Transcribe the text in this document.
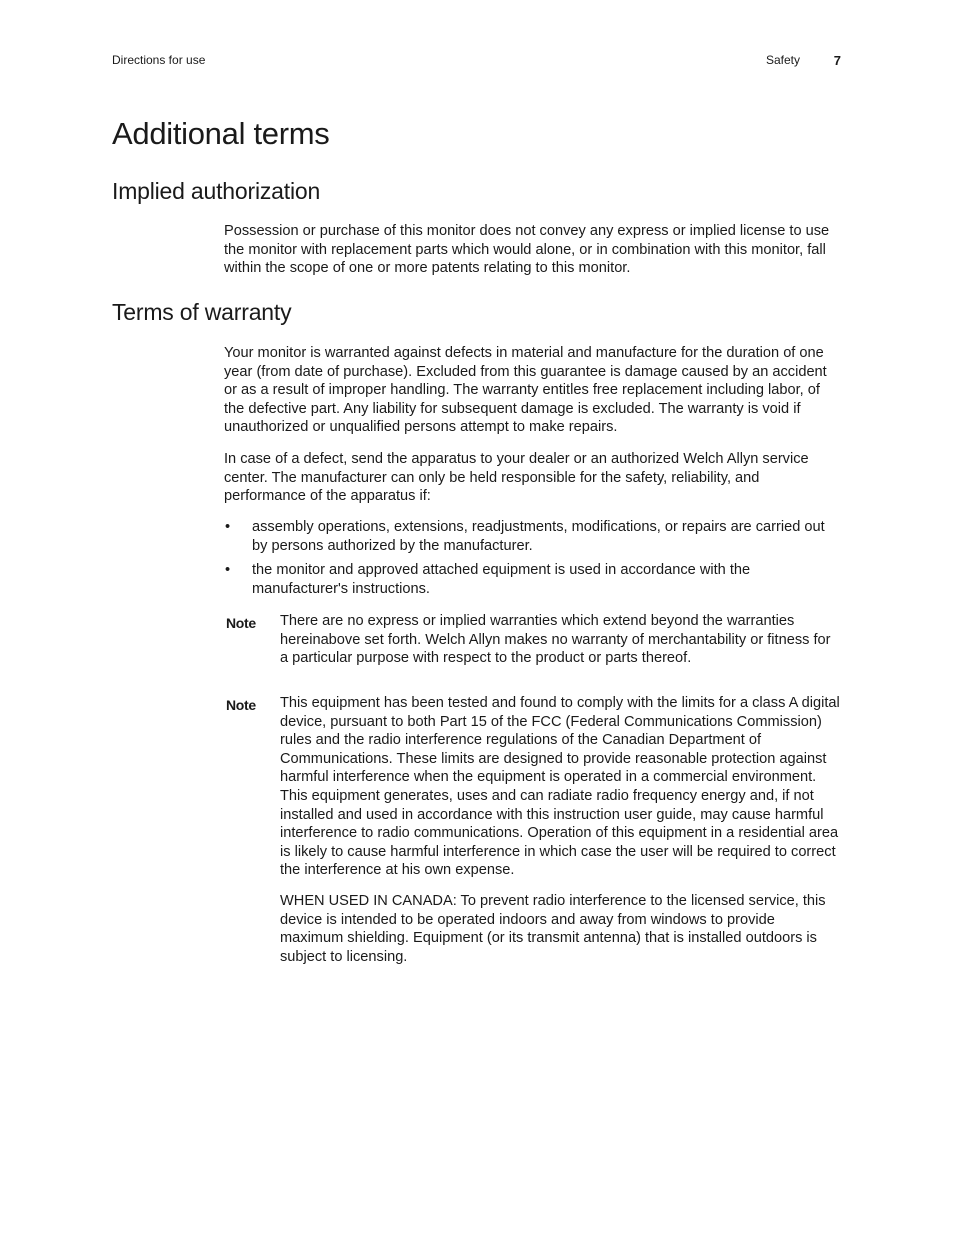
Directions for use	Safety	7
Additional terms
Implied authorization

Possession or purchase of this monitor does not convey any express or implied license to use the monitor with replacement parts which would alone, or in combination with this monitor, fall within the scope of one or more patents relating to this monitor.

Terms of warranty

Your monitor is warranted against defects in material and manufacture for the duration of one year (from date of purchase). Excluded from this guarantee is damage caused by an accident or as a result of improper handling. The warranty entitles free replacement including labor, of the defective part. Any liability for subsequent damage is excluded. The warranty is void if unauthorized or unqualified persons attempt to make repairs.

In case of a defect, send the apparatus to your dealer or an authorized Welch Allyn service center. The manufacturer can only be held responsible for the safety, reliability, and performance of the apparatus if:

• assembly operations, extensions, readjustments, modifications, or repairs are carried out by persons authorized by the manufacturer.
• the monitor and approved attached equipment is used in accordance with the manufacturer's instructions.
Note There are no express or implied warranties which extend beyond the warranties hereinabove set forth. Welch Allyn makes no warranty of merchantability or fitness for a particular purpose with respect to the product or parts thereof.

Note This equipment has been tested and found to comply with the limits for a class A digital device, pursuant to both Part 15 of the FCC (Federal Communications Commission) rules and the radio interference regulations of the Canadian Department of Communications. These limits are designed to provide reasonable protection against harmful interference when the equipment is operated in a commercial environment. This equipment generates, uses and can radiate radio frequency energy and, if not installed and used in accordance with this instruction user guide, may cause harmful interference to radio communications. Operation of this equipment in a residential area is likely to cause harmful interference in which case the user will be required to correct the interference at his own expense.

WHEN USED IN CANADA: To prevent radio interference to the licensed service, this device is intended to be operated indoors and away from windows to provide maximum shielding. Equipment (or its transmit antenna) that is installed outdoors is subject to licensing.
